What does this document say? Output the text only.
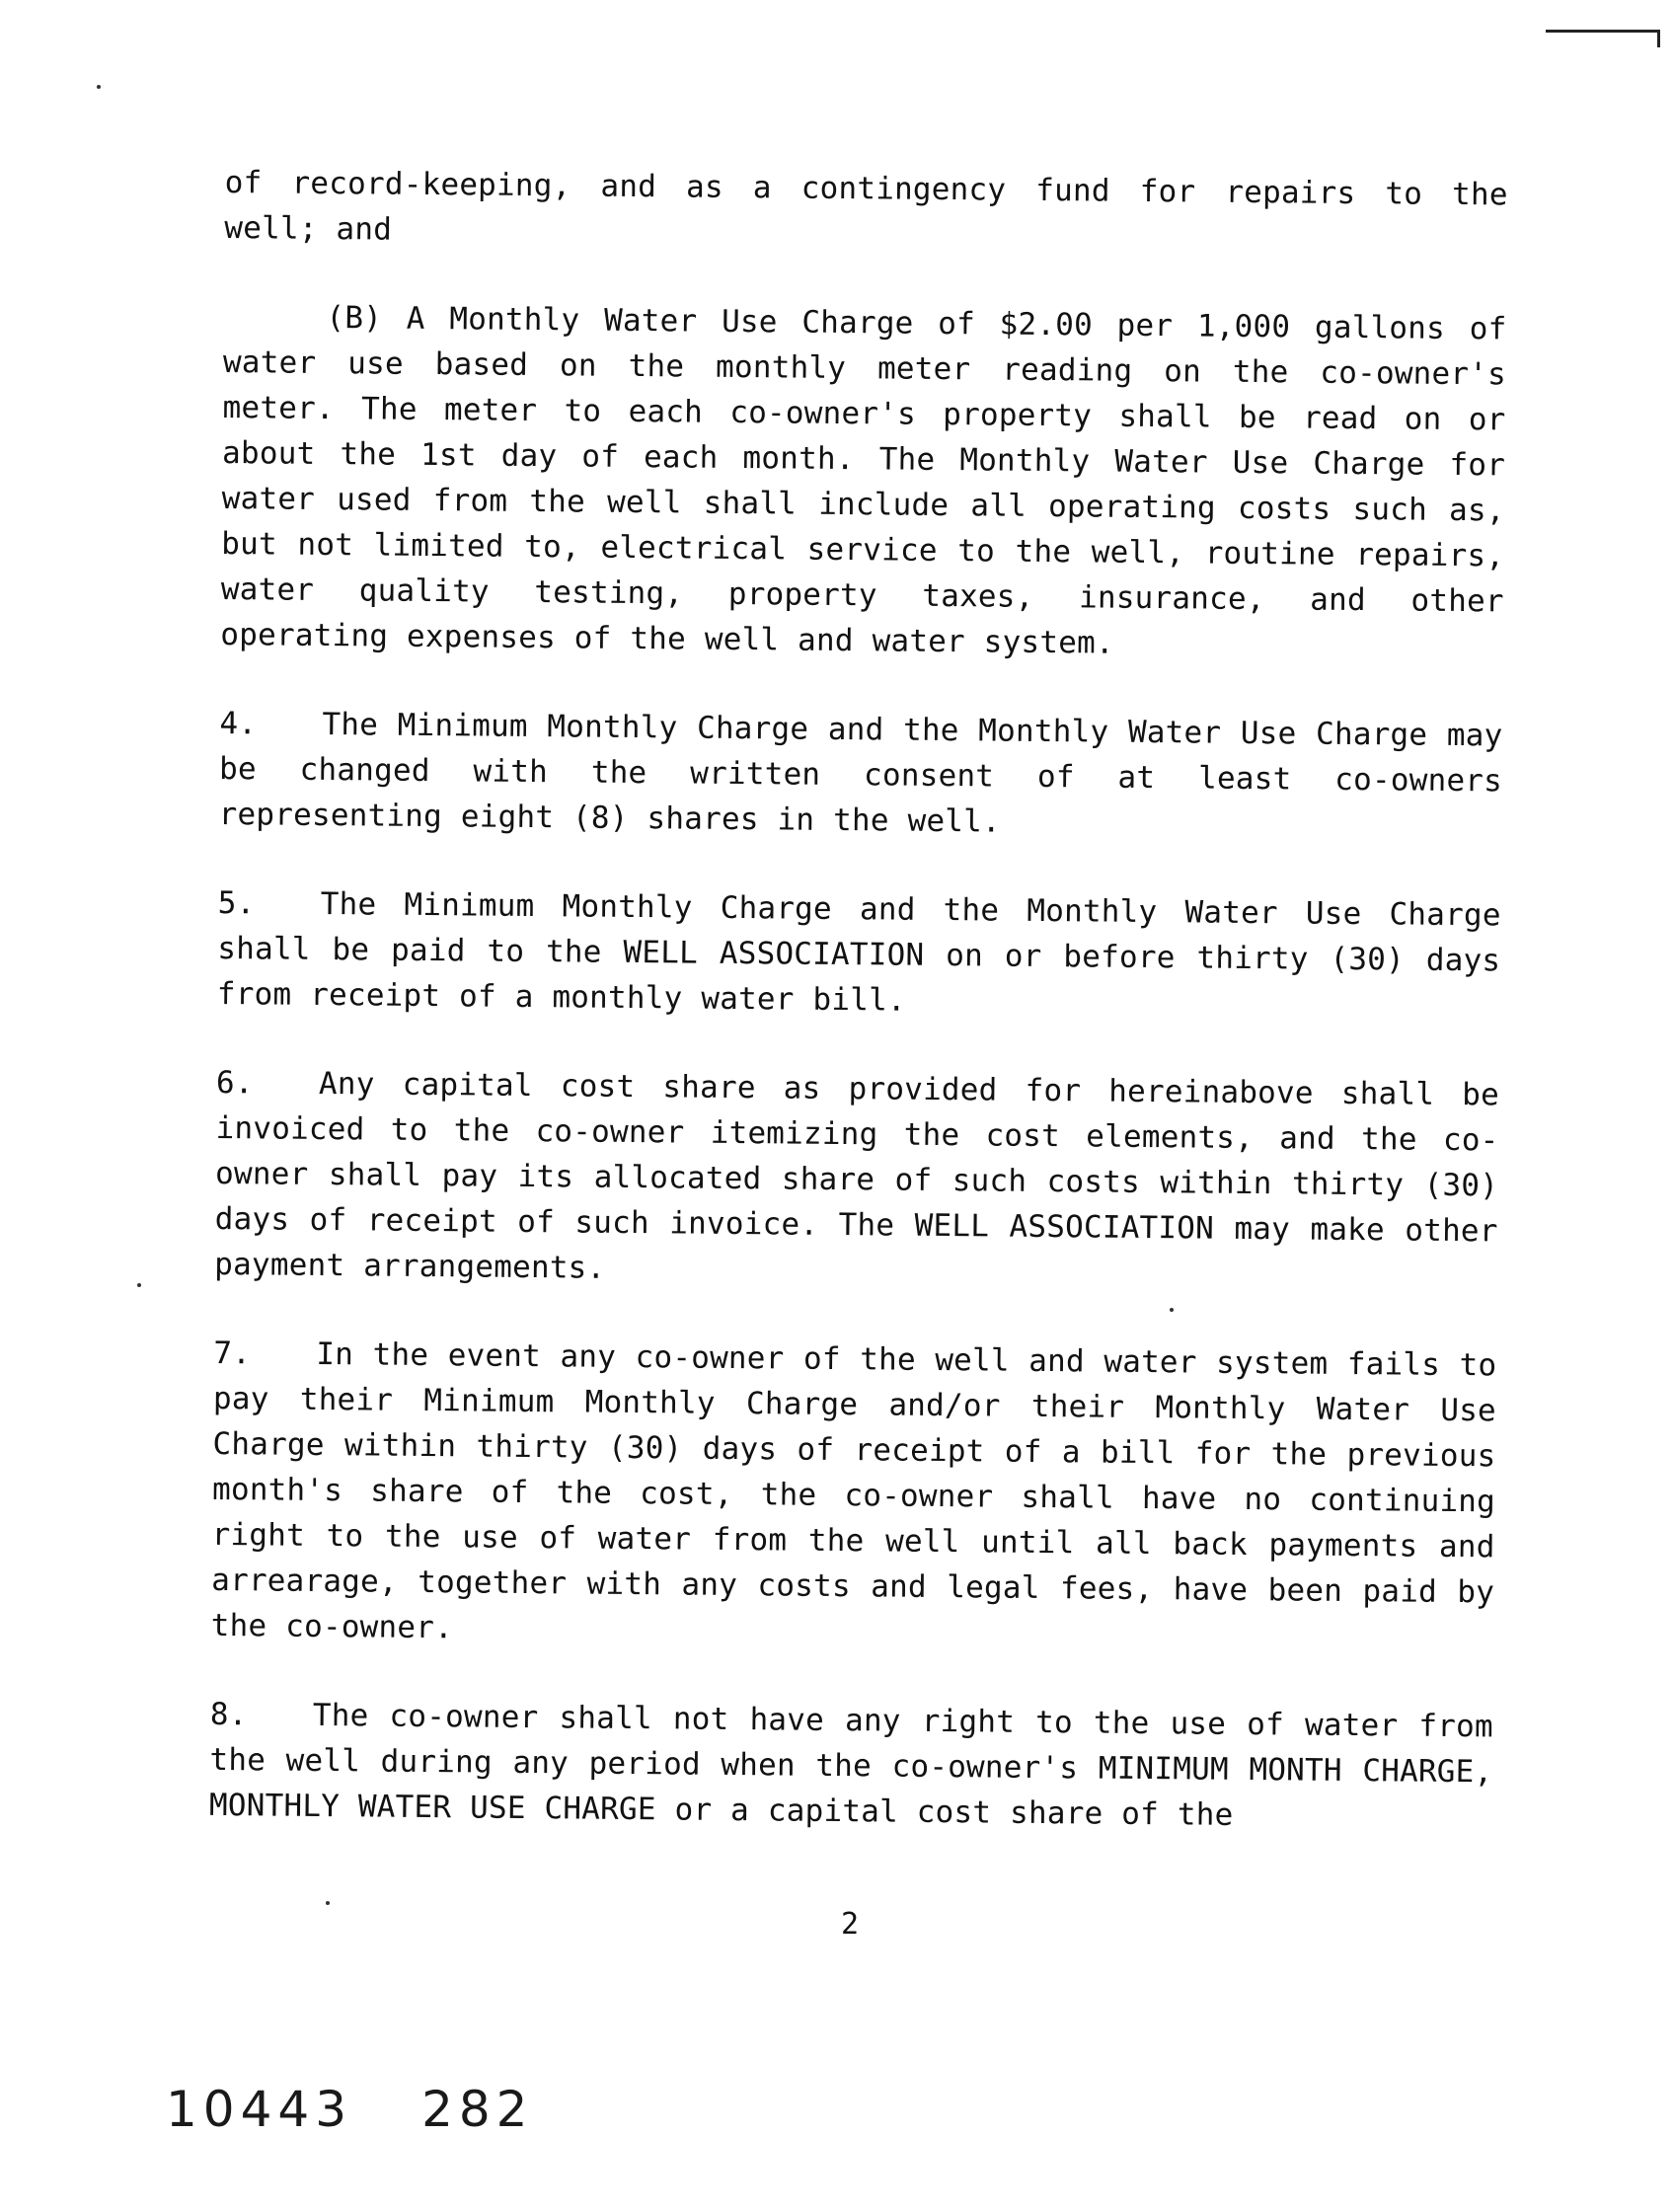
of record-keeping, and as a contingency fund for repairs to the well; and

(B) A Monthly Water Use Charge of $2.00 per 1,000 gallons of water use based on the monthly meter reading on the co-owner's meter. The meter to each co-owner's property shall be read on or about the 1st day of each month. The Monthly Water Use Charge for water used from the well shall include all operating costs such as, but not limited to, electrical service to the well, routine repairs, water quality testing, property taxes, insurance, and other operating expenses of the well and water system.

4. The Minimum Monthly Charge and the Monthly Water Use Charge may be changed with the written consent of at least co-owners representing eight (8) shares in the well.

5. The Minimum Monthly Charge and the Monthly Water Use Charge shall be paid to the WELL ASSOCIATION on or before thirty (30) days from receipt of a monthly water bill.

6. Any capital cost share as provided for hereinabove shall be invoiced to the co-owner itemizing the cost elements, and the co-owner shall pay its allocated share of such costs within thirty (30) days of receipt of such invoice. The WELL ASSOCIATION may make other payment arrangements.

7. In the event any co-owner of the well and water system fails to pay their Minimum Monthly Charge and/or their Monthly Water Use Charge within thirty (30) days of receipt of a bill for the previous month's share of the cost, the co-owner shall have no continuing right to the use of water from the well until all back payments and arrearage, together with any costs and legal fees, have been paid by the co-owner.

8. The co-owner shall not have any right to the use of water from the well during any period when the co-owner's MINIMUM MONTH CHARGE, MONTHLY WATER USE CHARGE or a capital cost share of the

2
10443 282
